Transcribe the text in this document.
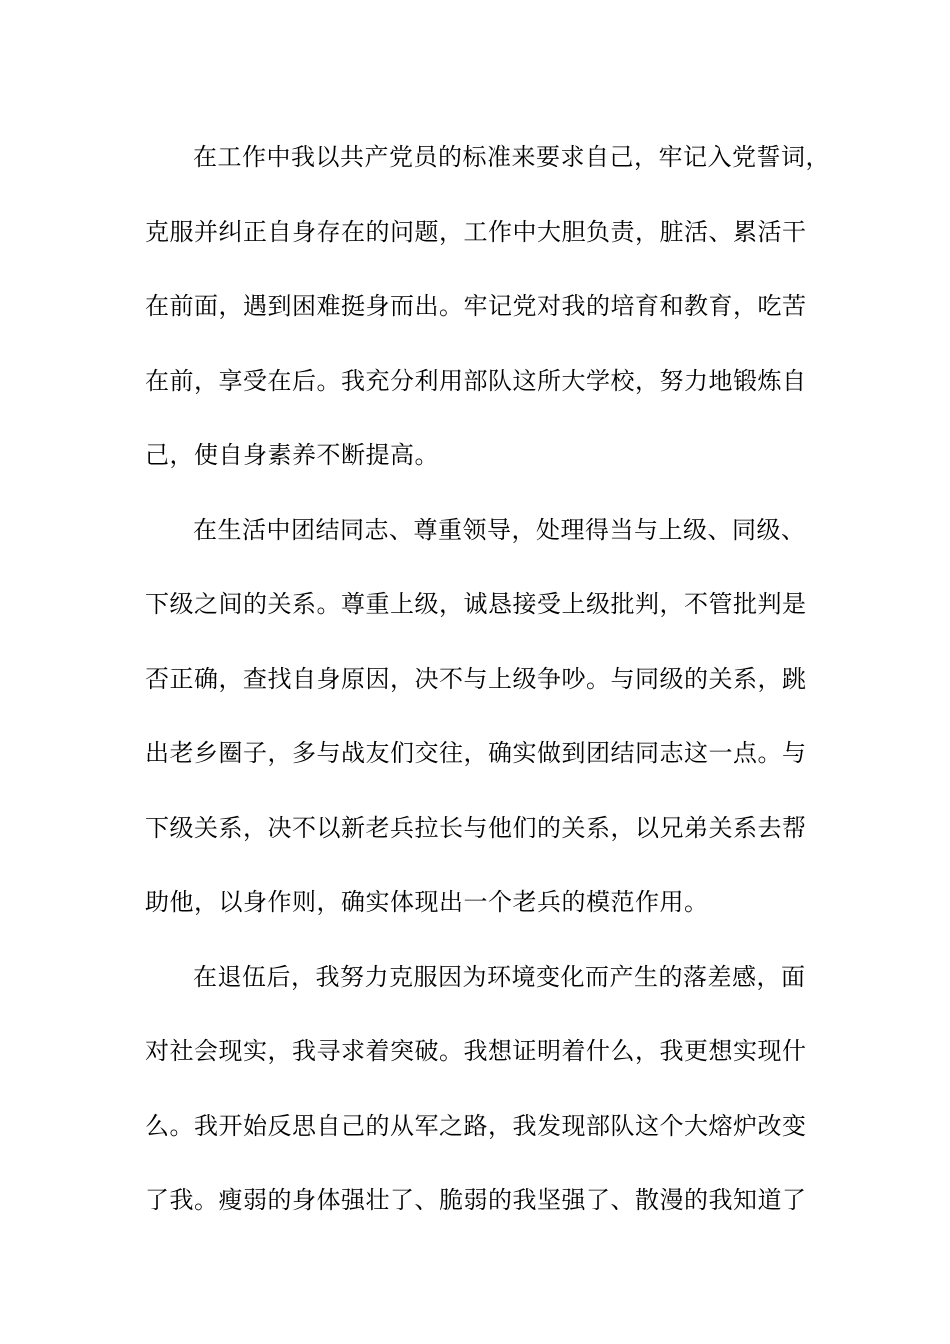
在工作中我以共产党员的标准来要求自己，牢记入党誓词，
克服并纠正自身存在的问题，工作中大胆负责，脏活、累活干
在前面，遇到困难挺身而出。牢记党对我的培育和教育，吃苦
在前，享受在后。我充分利用部队这所大学校，努力地锻炼自
己，使自身素养不断提高。
在生活中团结同志、尊重领导，处理得当与上级、同级、
下级之间的关系。尊重上级，诚恳接受上级批判，不管批判是
否正确，查找自身原因，决不与上级争吵。与同级的关系，跳
出老乡圈子，多与战友们交往，确实做到团结同志这一点。与
下级关系，决不以新老兵拉长与他们的关系，以兄弟关系去帮
助他，以身作则，确实体现出一个老兵的模范作用。
在退伍后，我努力克服因为环境变化而产生的落差感，面
对社会现实，我寻求着突破。我想证明着什么，我更想实现什
么。我开始反思自己的从军之路，我发现部队这个大熔炉改变
了我。瘦弱的身体强壮了、脆弱的我坚强了、散漫的我知道了
